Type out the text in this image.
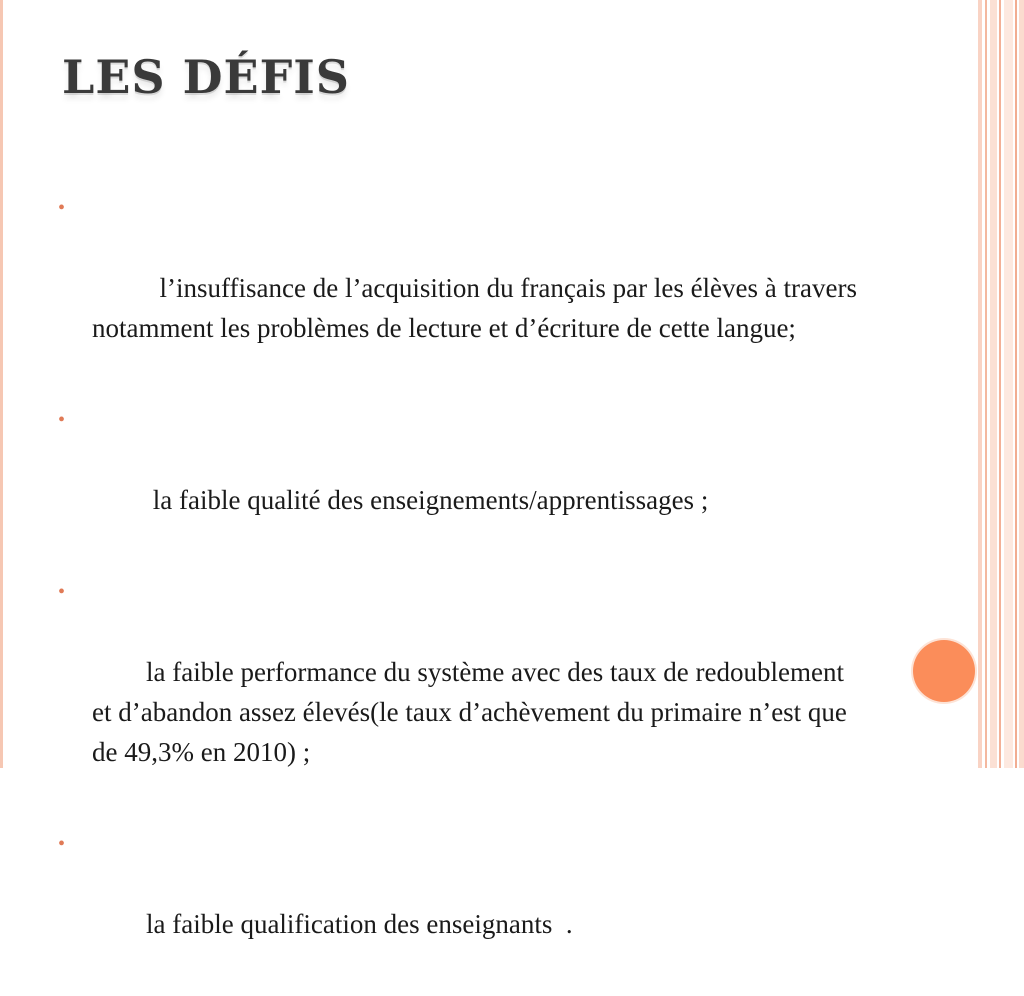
LES DÉFIS

•

l’insuffisance de l’acquisition du français par les élèves à travers notamment les problèmes de lecture et d’écriture de cette langue;

•

la faible qualité des enseignements/apprentissages ;

•

la faible performance du système avec des taux de redoublement et d’abandon assez élevés(le taux d’achèvement du primaire n’est que de 49,3% en 2010) ;

•

la faible qualification des enseignants  .
